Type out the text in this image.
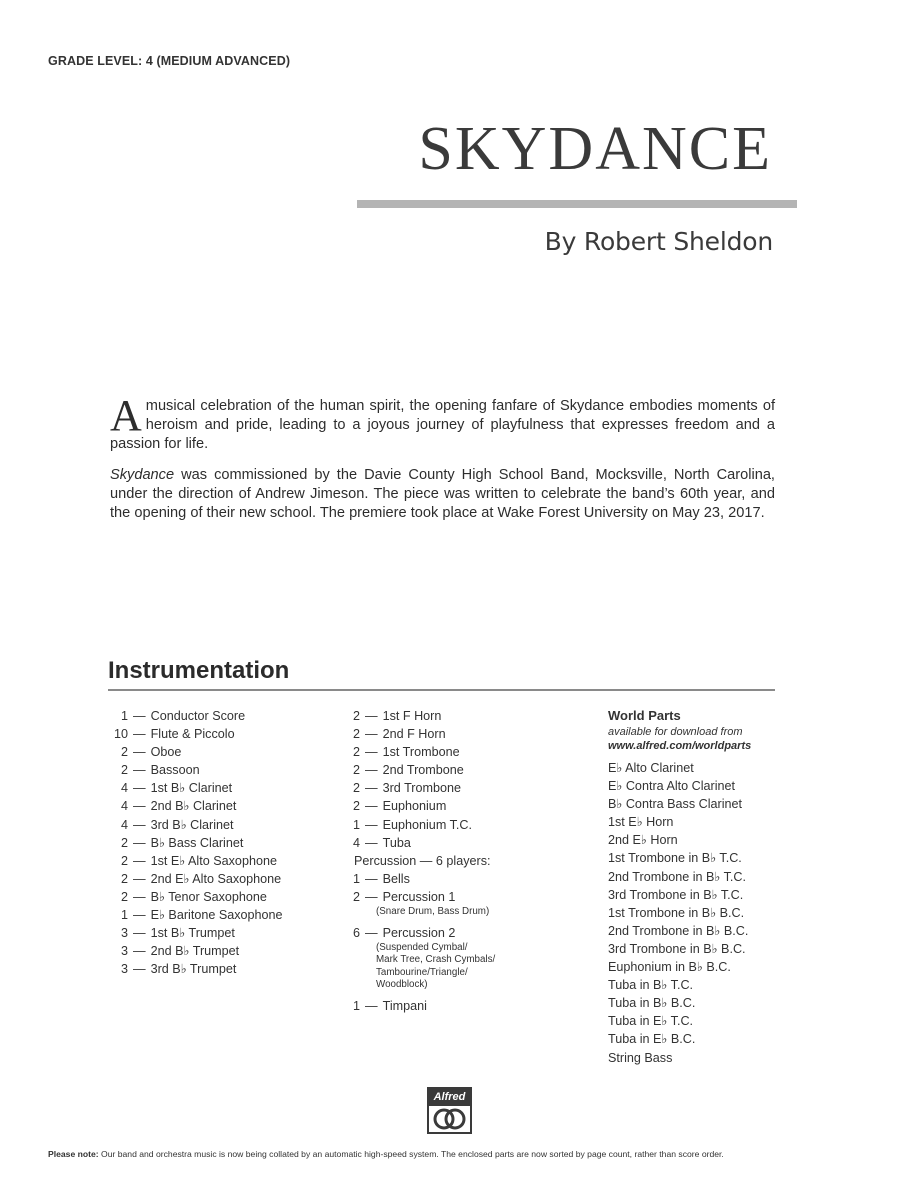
GRADE LEVEL: 4 (MEDIUM ADVANCED)
SKYDANCE
By Robert Sheldon

Amusical celebration of the human spirit, the opening fanfare of Skydance embodies moments of heroism and pride, leading to a joyous journey of playfulness that expresses freedom and a passion for life.

Skydance was commissioned by the Davie County High School Band, Mocksville, North Carolina, under the direction of Andrew Jimeson. The piece was written to celebrate the band’s 60th year, and the opening of their new school. The premiere took place at Wake Forest University on May 23, 2017.

Instrumentation
1 — Conductor Score
10 — Flute & Piccolo
2 — Oboe
2 — Bassoon
4 — 1st B♭ Clarinet
4 — 2nd B♭ Clarinet
4 — 3rd B♭ Clarinet
2 — B♭ Bass Clarinet
2 — 1st E♭ Alto Saxophone
2 — 2nd E♭ Alto Saxophone
2 — B♭ Tenor Saxophone
1 — E♭ Baritone Saxophone
3 — 1st B♭ Trumpet
3 — 2nd B♭ Trumpet
3 — 3rd B♭ Trumpet
2 — 1st F Horn
2 — 2nd F Horn
2 — 1st Trombone
2 — 2nd Trombone
2 — 3rd Trombone
2 — Euphonium
1 — Euphonium T.C.
4 — Tuba
Percussion — 6 players:
1 — Bells
2 — Percussion 1
(Snare Drum, Bass Drum)
6 — Percussion 2
(Suspended Cymbal/
Mark Tree, Crash Cymbals/
Tambourine/Triangle/
Woodblock)
1 — Timpani
World Parts
available for download from
www.alfred.com/worldparts
E♭ Alto Clarinet
E♭ Contra Alto Clarinet
B♭ Contra Bass Clarinet
1st E♭ Horn
2nd E♭ Horn
1st Trombone in B♭ T.C.
2nd Trombone in B♭ T.C.
3rd Trombone in B♭ T.C.
1st Trombone in B♭ B.C.
2nd Trombone in B♭ B.C.
3rd Trombone in B♭ B.C.
Euphonium in B♭ B.C.
Tuba in B♭ T.C.
Tuba in B♭ B.C.
Tuba in E♭ T.C.
Tuba in E♭ B.C.
String Bass
Alfred
Please note: Our band and orchestra music is now being collated by an automatic high-speed system. The enclosed parts are now sorted by page count, rather than score order.
